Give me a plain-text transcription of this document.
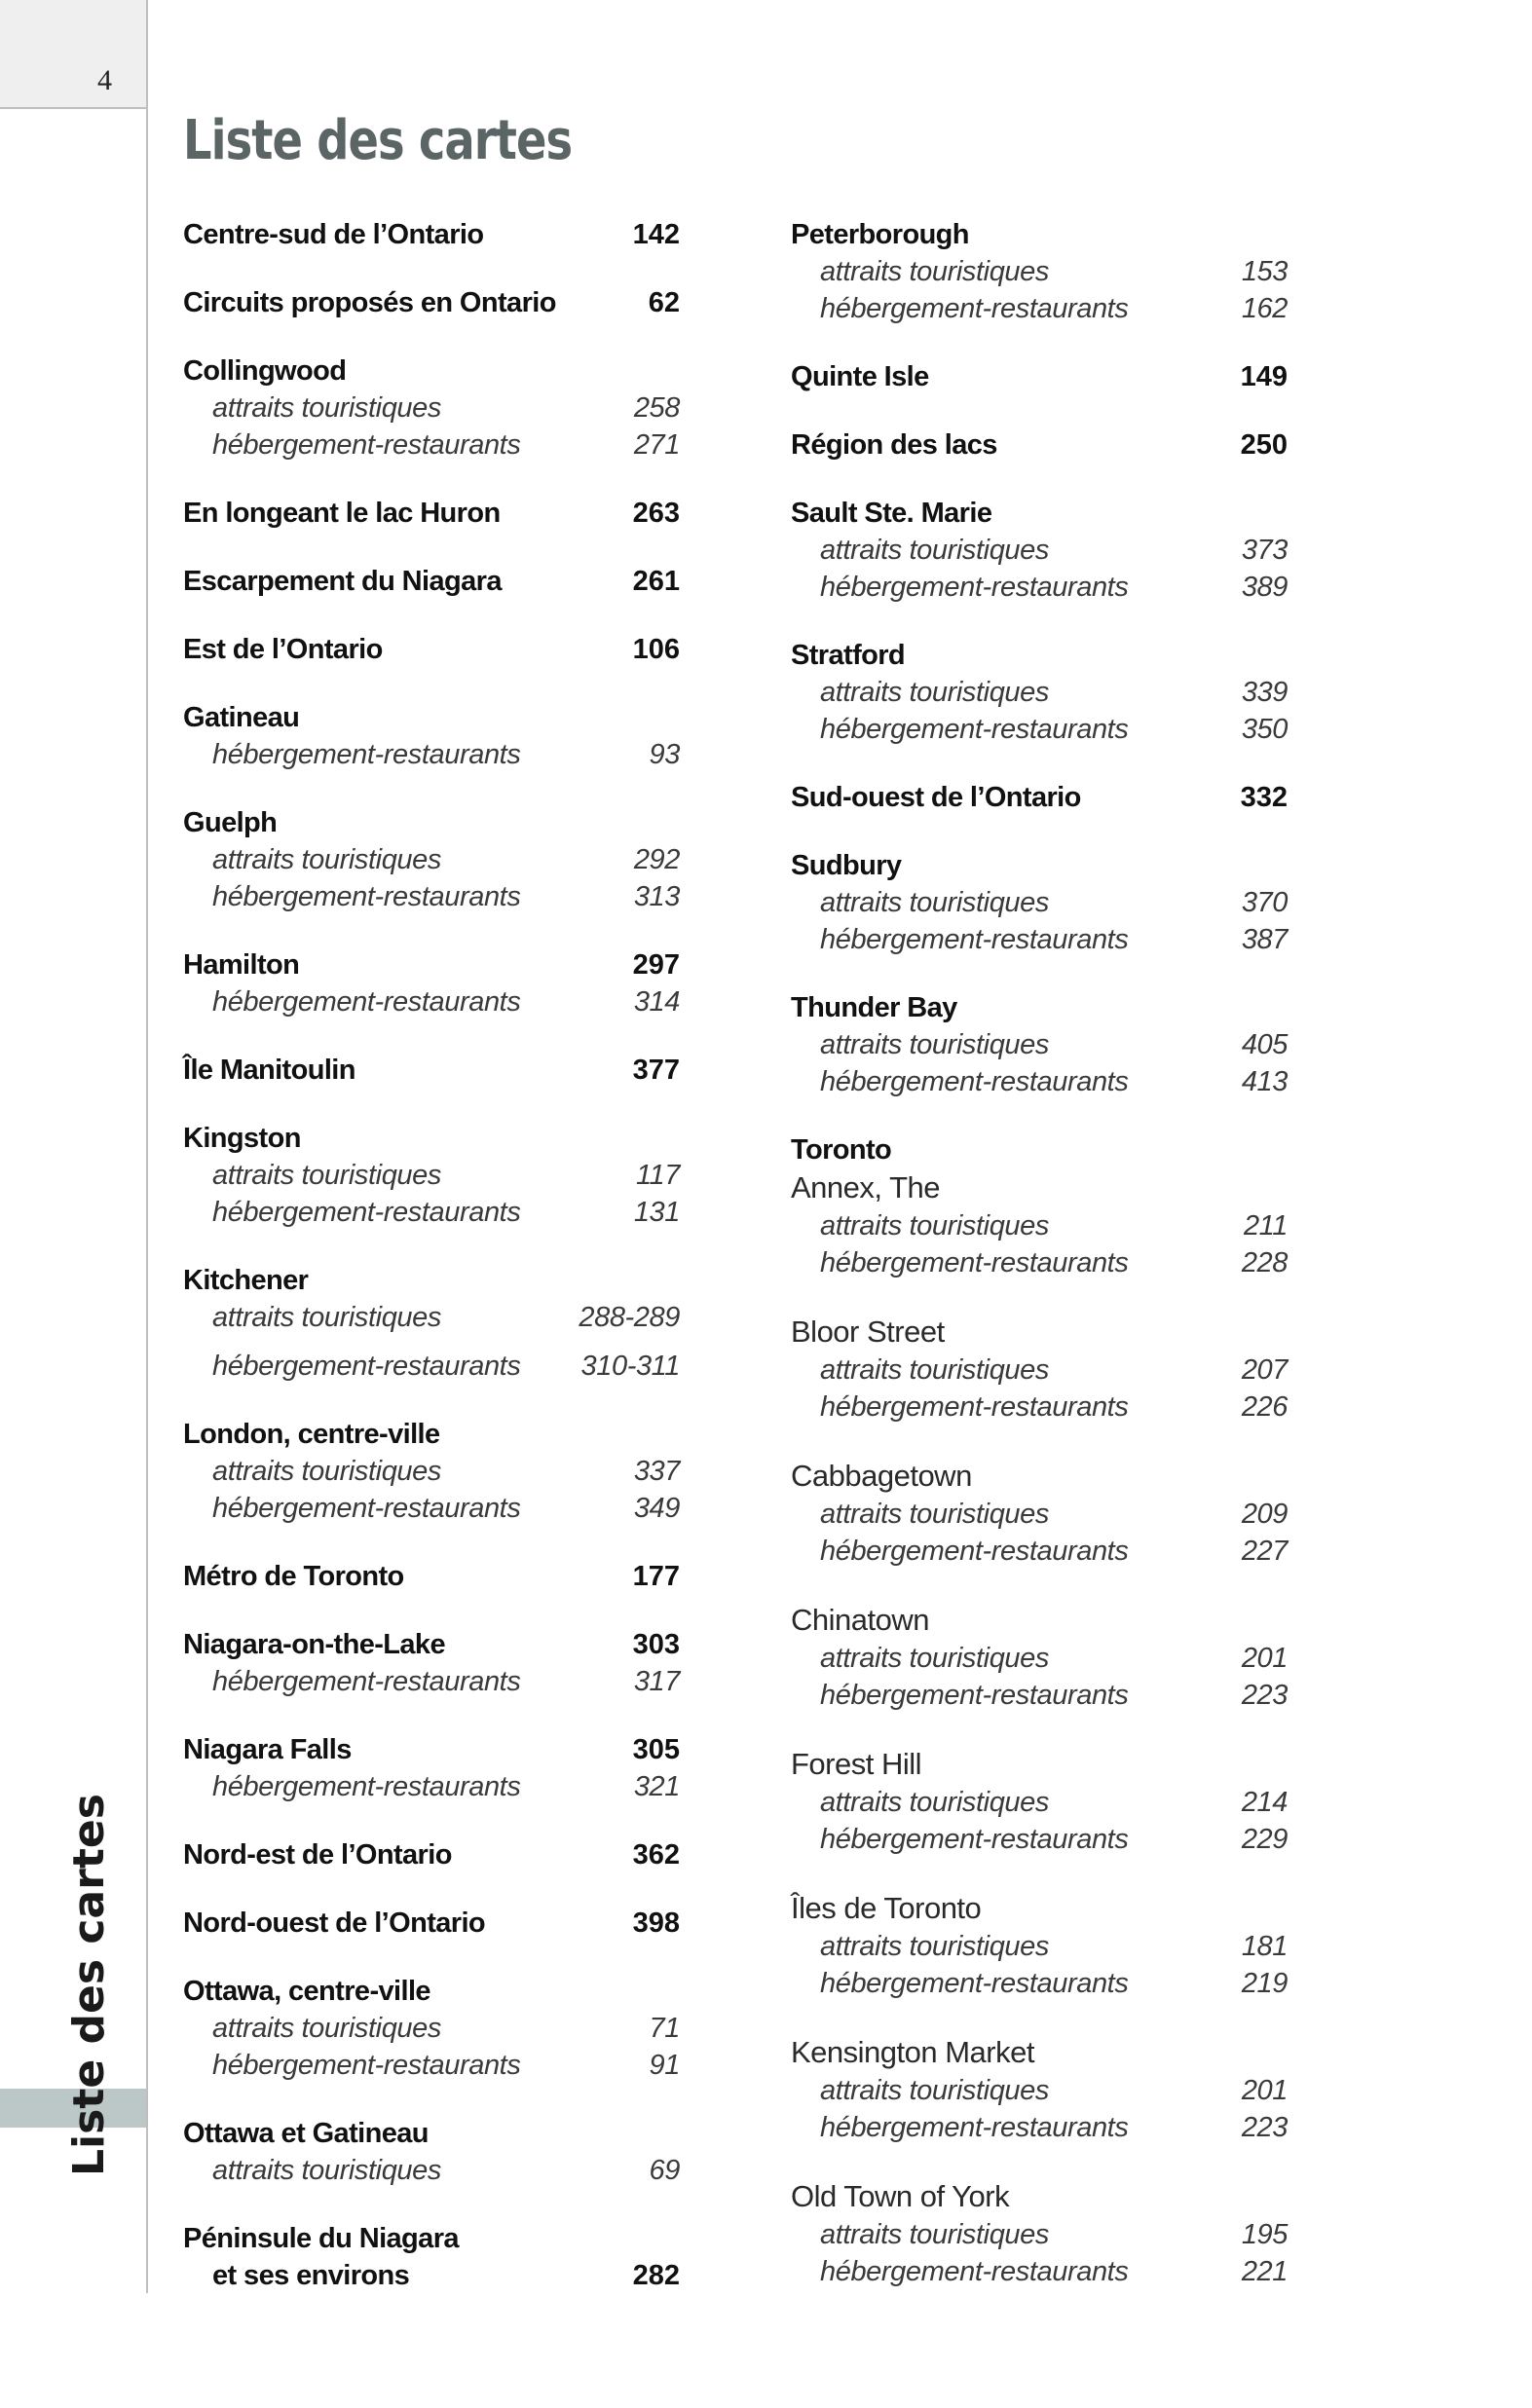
4
Liste des cartes
Centre-sud de l’Ontario	142
Circuits proposés en Ontario	62
Collingwood
attraits touristiques	258
hébergement-restaurants	271
En longeant le lac Huron	263
Escarpement du Niagara	261
Est de l’Ontario	106
Gatineau
hébergement-restaurants	93
Guelph
attraits touristiques	292
hébergement-restaurants	313
Hamilton	297
hébergement-restaurants	314
Île Manitoulin	377
Kingston
attraits touristiques	117
hébergement-restaurants	131
Kitchener
attraits touristiques	288-289
hébergement-restaurants 310-311
London, centre-ville
attraits touristiques	337
hébergement-restaurants	349
Métro de Toronto	177
Niagara-on-the-Lake	303
hébergement-restaurants	317
Niagara Falls	305
hébergement-restaurants	321
Nord-est de l’Ontario	362
Nord-ouest de l’Ontario	398
Ottawa, centre-ville
attraits touristiques	71
hébergement-restaurants	91
Ottawa et Gatineau
attraits touristiques	69
Péninsule du Niagara
et ses environs	282
Peterborough
attraits touristiques	153
hébergement-restaurants	162
Quinte Isle	149
Région des lacs	250
Sault Ste. Marie
attraits touristiques	373
hébergement-restaurants	389
Stratford
attraits touristiques	339
hébergement-restaurants	350
Sud-ouest de l’Ontario	332
Sudbury
attraits touristiques	370
hébergement-restaurants	387
Thunder Bay
attraits touristiques	405
hébergement-restaurants	413
Toronto
Annex, The
attraits touristiques	211
hébergement-restaurants	228
Bloor Street
attraits touristiques	207
hébergement-restaurants	226
Cabbagetown
attraits touristiques	209
hébergement-restaurants	227
Chinatown
attraits touristiques	201
hébergement-restaurants	223
Forest Hill
attraits touristiques	214
hébergement-restaurants	229
Îles de Toronto
attraits touristiques	181
hébergement-restaurants	219
Kensington Market
attraits touristiques	201
hébergement-restaurants	223
Old Town of York
attraits touristiques	195
hébergement-restaurants	221
